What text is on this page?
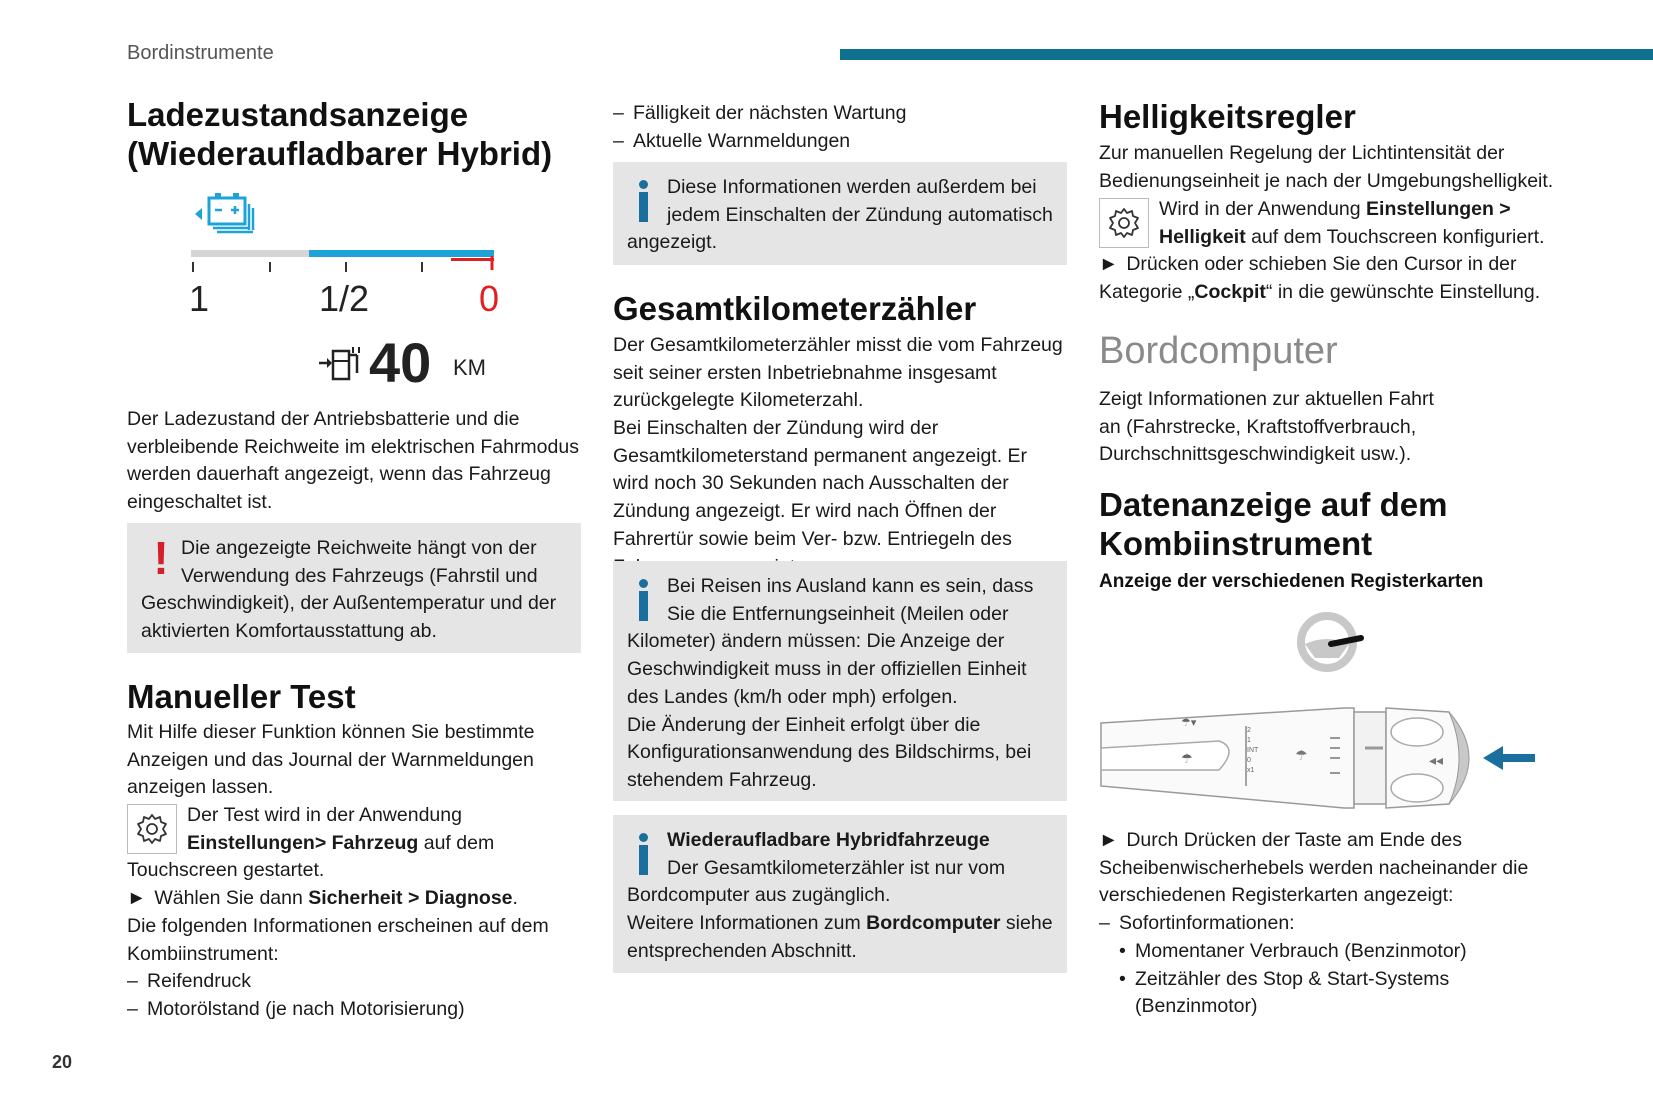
Bordinstrumente
20
Ladezustandsanzeige
(Wiederaufladbarer Hybrid)
1	1/2	0
40 KM
Der Ladezustand der Antriebsbatterie und die verbleibende Reichweite im elektrischen Fahrmodus werden dauerhaft angezeigt, wenn das Fahrzeug eingeschaltet ist.
! Die angezeigte Reichweite hängt von der Verwendung des Fahrzeugs (Fahrstil und Geschwindigkeit), der Außentemperatur und der aktivierten Komfortausstattung ab.
Manueller Test
Mit Hilfe dieser Funktion können Sie bestimmte Anzeigen und das Journal der Warnmeldungen anzeigen lassen.
Der Test wird in der Anwendung Einstellungen> Fahrzeug auf dem Touchscreen gestartet.
► Wählen Sie dann Sicherheit > Diagnose.
Die folgenden Informationen erscheinen auf dem Kombiinstrument:
– Reifendruck
– Motorölstand (je nach Motorisierung)
– Fälligkeit der nächsten Wartung
– Aktuelle Warnmeldungen
Diese Informationen werden außerdem bei jedem Einschalten der Zündung automatisch angezeigt.
Gesamtkilometerzähler
Der Gesamtkilometerzähler misst die vom Fahrzeug seit seiner ersten Inbetriebnahme insgesamt zurückgelegte Kilometerzahl.
Bei Einschalten der Zündung wird der Gesamtkilometerstand permanent angezeigt. Er wird noch 30 Sekunden nach Ausschalten der Zündung angezeigt. Er wird nach Öffnen der Fahrertür sowie beim Ver- bzw. Entriegeln des
Bei Reisen ins Ausland kann es sein, dass Sie die Entfernungseinheit (Meilen oder Kilometer) ändern müssen: Die Anzeige der Geschwindigkeit muss in der offiziellen Einheit des Landes (km/h oder mph) erfolgen.
Die Änderung der Einheit erfolgt über die Konfigurationsanwendung des Bildschirms, bei stehendem Fahrzeug.
Wiederaufladbare Hybridfahrzeuge
Der Gesamtkilometerzähler ist nur vom Bordcomputer aus zugänglich.
Weitere Informationen zum Bordcomputer siehe entsprechenden Abschnitt.
Helligkeitsregler
Zur manuellen Regelung der Lichtintensität der Bedienungseinheit je nach der Umgebungshelligkeit.
Wird in der Anwendung Einstellungen > Helligkeit auf dem Touchscreen konfiguriert.
► Drücken oder schieben Sie den Cursor in der Kategorie „Cockpit“ in die gewünschte Einstellung.
Bordcomputer
Zeigt Informationen zur aktuellen Fahrt an (Fahrstrecke, Kraftstoffverbrauch, Durchschnittsgeschwindigkeit usw.).
Datenanzeige auf dem
Kombiinstrument
Anzeige der verschiedenen Registerkarten
☂▾
☂	☂	◂◂
2
1
INT
0
x1
► Durch Drücken der Taste am Ende des Scheibenwischerhebels werden nacheinander die verschiedenen Registerkarten angezeigt:
– Sofortinformationen:
• Momentaner Verbrauch (Benzinmotor)
• Zeitzähler des Stop & Start-Systems (Benzinmotor)
